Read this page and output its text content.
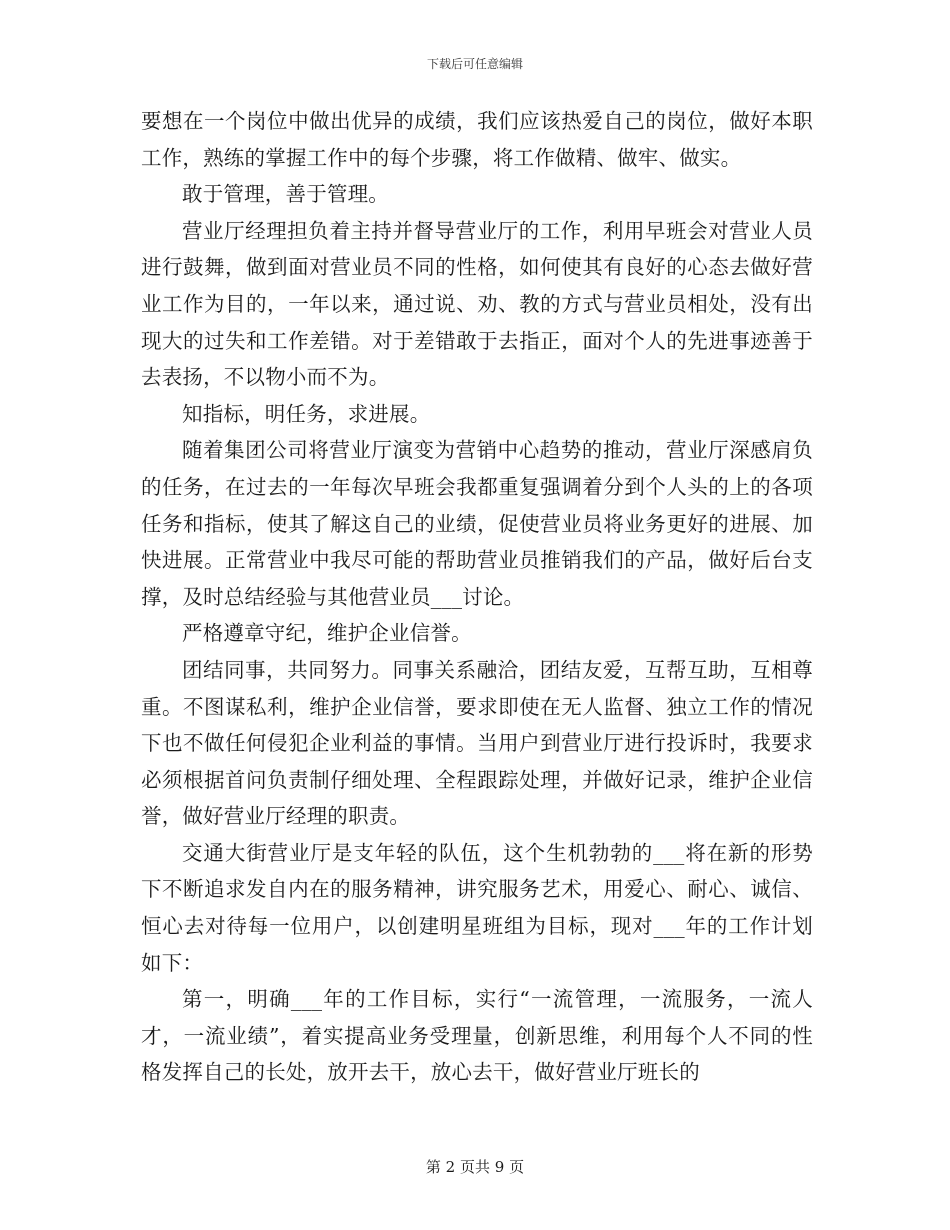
下载后可任意编辑

要想在一个岗位中做出优异的成绩，我们应该热爱自己的岗位，做好本职工作，熟练的掌握工作中的每个步骤，将工作做精、做牢、做实。

敢于管理，善于管理。

营业厅经理担负着主持并督导营业厅的工作，利用早班会对营业人员进行鼓舞，做到面对营业员不同的性格，如何使其有良好的心态去做好营业工作为目的，一年以来，通过说、劝、教的方式与营业员相处，没有出现大的过失和工作差错。对于差错敢于去指正，面对个人的先进事迹善于去表扬，不以物小而不为。

知指标，明任务，求进展。

随着集团公司将营业厅演变为营销中心趋势的推动，营业厅深感肩负的任务，在过去的一年每次早班会我都重复强调着分到个人头的上的各项任务和指标，使其了解这自己的业绩，促使营业员将业务更好的进展、加快进展。正常营业中我尽可能的帮助营业员推销我们的产品，做好后台支撑，及时总结经验与其他营业员___讨论。

严格遵章守纪，维护企业信誉。

团结同事，共同努力。同事关系融洽，团结友爱，互帮互助，互相尊重。不图谋私利，维护企业信誉，要求即使在无人监督、独立工作的情况下也不做任何侵犯企业利益的事情。当用户到营业厅进行投诉时，我要求必须根据首问负责制仔细处理、全程跟踪处理，并做好记录，维护企业信誉，做好营业厅经理的职责。

交通大街营业厅是支年轻的队伍，这个生机勃勃的___将在新的形势下不断追求发自内在的服务精神，讲究服务艺术，用爱心、耐心、诚信、恒心去对待每一位用户，以创建明星班组为目标，现对___年的工作计划如下：

第一，明确___年的工作目标，实行“一流管理，一流服务，一流人才，一流业绩”，着实提高业务受理量，创新思维，利用每个人不同的性格发挥自己的长处，放开去干，放心去干，做好营业厅班长的

第 2 页共 9 页
